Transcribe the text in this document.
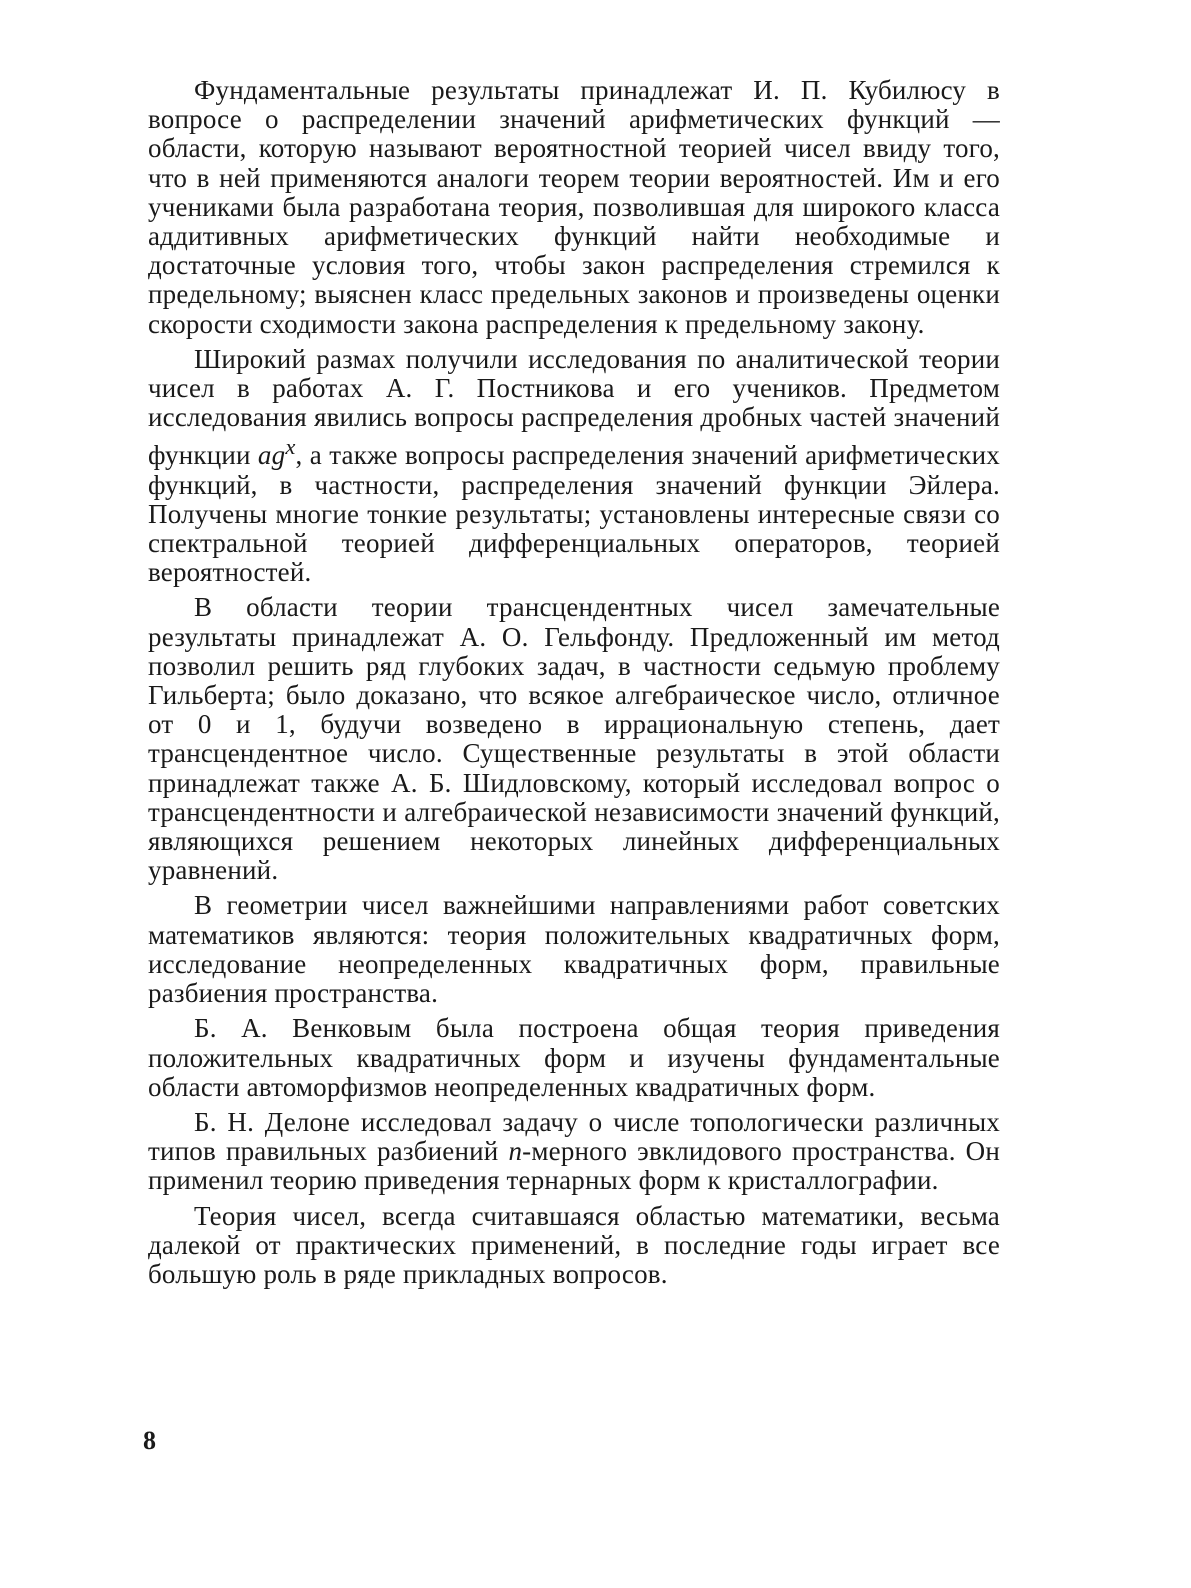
Фундаментальные результаты принадлежат И. П. Кубилюсу в вопросе о распределении значений арифметических функций — области, которую называют вероятностной теорией чисел ввиду того, что в ней применяются аналоги теорем теории вероятностей. Им и его учениками была разработана теория, позволившая для широкого класса аддитивных арифметических функций найти необходимые и достаточные условия того, чтобы закон распределения стремился к предельному; выяснен класс предельных законов и произведены оценки скорости сходимости закона распределения к предельному закону.

Широкий размах получили исследования по аналитической теории чисел в работах А. Г. Постникова и его учеников. Предметом исследования явились вопросы распределения дробных частей значений функции $ag^x$, а также вопросы распределения значений арифметических функций, в частности, распределения значений функции Эйлера. Получены многие тонкие результаты; установлены интересные связи со спектральной теорией дифференциальных операторов, теорией вероятностей.

В области теории трансцендентных чисел замечательные результаты принадлежат А. О. Гельфонду. Предложенный им метод позволил решить ряд глубоких задач, в частности седьмую проблему Гильберта; было доказано, что всякое алгебраическое число, отличное от 0 и 1, будучи возведено в иррациональную степень, дает трансцендентное число. Существенные результаты в этой области принадлежат также А. Б. Шидловскому, который исследовал вопрос о трансцендентности и алгебраической независимости значений функций, являющихся решением некоторых линейных дифференциальных уравнений.

В геометрии чисел важнейшими направлениями работ советских математиков являются: теория положительных квадратичных форм, исследование неопределенных квадратичных форм, правильные разбиения пространства.

Б. А. Венковым была построена общая теория приведения положительных квадратичных форм и изучены фундаментальные области автоморфизмов неопределенных квадратичных форм.

Б. Н. Делоне исследовал задачу о числе топологически различных типов правильных разбиений n-мерного эвклидового пространства. Он применил теорию приведения тернарных форм к кристаллографии.

Теория чисел, всегда считавшаяся областью математики, весьма далекой от практических применений, в последние годы играет все большую роль в ряде прикладных вопросов.

8
